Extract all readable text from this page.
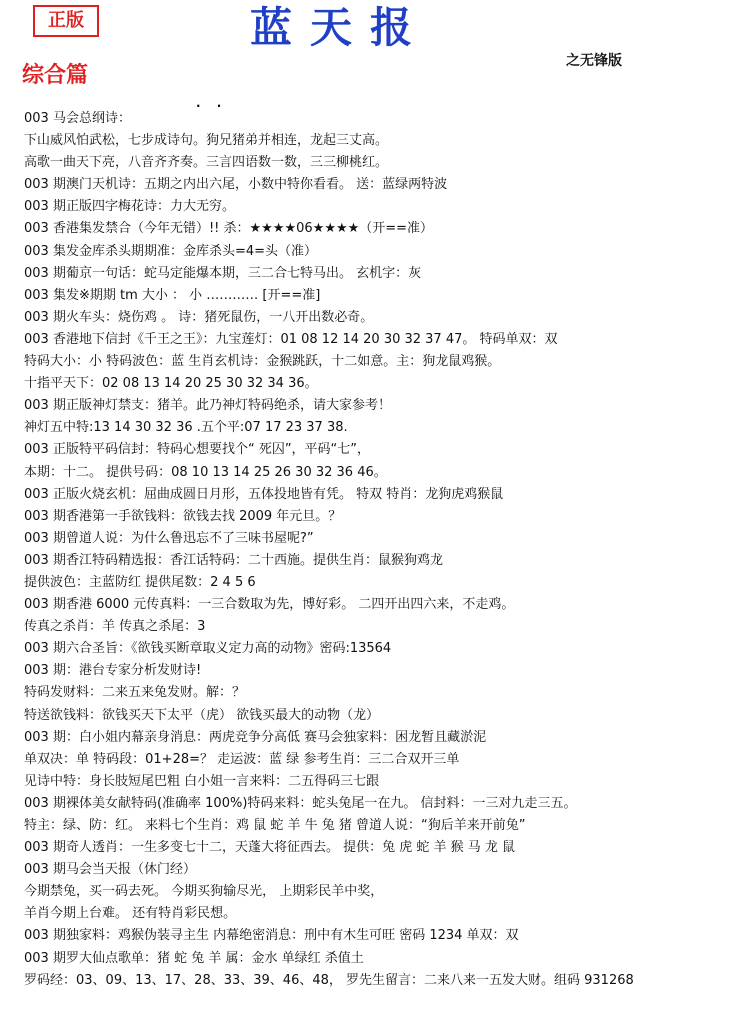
正版	蓝天报
之无锋版
综合篇
. .
003 马会总纲诗：
下山威风怕武松，七步成诗句。狗兄猪弟并相连，龙起三丈高。
高歌一曲天下亮，八音齐齐奏。三言四语数一数，三三柳桃红。
003 期澳门天机诗：五期之内出六尾，小数中特你看看。 送：蓝绿两特波
003 期正版四字梅花诗：力大无穷。
003 香港集发禁合（今年无错）!! 杀：★★★★06★★★★（开==准）
003 集发金库杀头期期准：金库杀头=4=头（准）
003 期葡京一句话：蛇马定能爆本期，三二合七特马出。 玄机字：灰
003 集发※期期 tm 大小 ： 小 ………… [开==准]
003 期火车头：烧伤鸡 。 诗：猪死鼠伤，一八开出数必奇。
003 香港地下信封《千王之王》：九宝莲灯：01 08 12 14 20 30 32 37 47。 特码单双：双
特码大小：小 特码波色：蓝 生肖玄机诗：金猴跳跃，十二如意。主：狗龙鼠鸡猴。
十指平天下：02 08 13 14 20 25 30 32 34 36。
003 期正版神灯禁支：猪羊。此乃神灯特码绝杀，请大家参考！
神灯五中特:13 14 30 32 36 .五个平:07 17 23 37 38.
003 正版特平码信封：特码心想要找个“ 死囚”，平码“七”，
本期：十二。 提供号码：08 10 13 14 25 26 30 32 36 46。
003 正版火烧玄机：屈曲成圆日月形，五体投地皆有凭。 特双 特肖：龙狗虎鸡猴鼠
003 期香港第一手欲钱料：欲钱去找 2009 年元旦。？
003 期曾道人说：为什么鲁迅忘不了三味书屋呢?”
003 期香江特码精选报：香江话特码：二十西施。提供生肖：鼠猴狗鸡龙
提供波色：主蓝防红 提供尾数：2 4 5 6
003 期香港 6000 元传真料：一三合数取为先，博好彩。 二四开出四六来，不走鸡。
传真之杀肖：羊 传真之杀尾：3
003 期六合圣旨：《欲钱买断章取义定力高的动物》密码:13564
003 期：港台专家分析发财诗!
特码发财料：二来五来兔发财。解：？
特送欲钱料：欲钱买天下太平（虎） 欲钱买最大的动物（龙）
003 期：白小姐内幕亲身消息：两虎竞争分高低 赛马会独家料：困龙暂且藏淤泥
单双决：单 特码段：01+28=？ 走运波：蓝 绿 参考生肖：三二合双开三单
见诗中特：身长肢短尾巴粗 白小姐一言来料：二五得码三七跟
003 期裸体美女献特码(准确率 100%)特码来料：蛇头兔尾一在九。 信封料：一三对九走三五。
特主：绿、防：红。 来料七个生肖：鸡 鼠 蛇 羊 牛 兔 猪 曾道人说：“狗后羊来开前兔”
003 期奇人透肖：一生多变七十二，天蓬大将征西去。 提供：兔 虎 蛇 羊 猴 马 龙 鼠
003 期马会当天报（休门经）
今期禁兔，买一码去死。 今期买狗输尽光， 上期彩民羊中奖，
羊肖今期上台难。 还有特肖彩民想。
003 期独家料：鸡猴伪装寻主生 内幕绝密消息：刑中有木生可旺 密码 1234 单双：双
003 期罗大仙点歌单：猪 蛇 兔 羊 属：金水 单绿红 杀值土
罗码经：03、09、13、17、28、33、39、46、48， 罗先生留言：二来八来一五发大财。组码 931268
